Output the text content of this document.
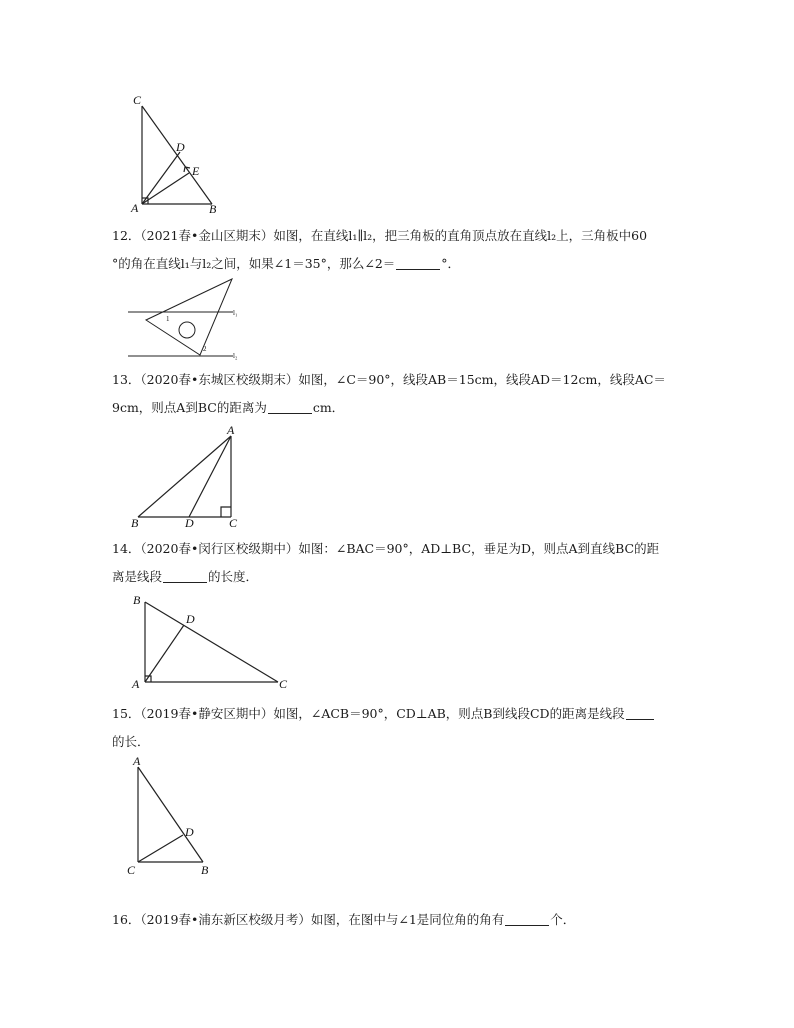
C
D
E
A	B
12．（2021春•金山区期末）如图，在直线l₁∥l₂，把三角板的直角顶点放在直线l₂上，三角板中60
°的角在直线l₁与l₂之间，如果∠1＝35°，那么∠2＝	°．
l₁
l₂
1
2
13．（2020春•东城区校级期末）如图，∠C＝90°，线段AB＝15cm，线段AD＝12cm，线段AC＝
9cm，则点A到BC的距离为	cm．
A
B	D	C
14．（2020春•闵行区校级期中）如图：∠BAC＝90°，AD⊥BC，垂足为D，则点A到直线BC的距
离是线段	的长度．
B
D
A	C
15．（2019春•静安区期中）如图，∠ACB＝90°，CD⊥AB，则点B到线段CD的距离是线段
的长．
A
D
C	B
16．（2019春•浦东新区校级月考）如图，在图中与∠1是同位角的角有	个．
